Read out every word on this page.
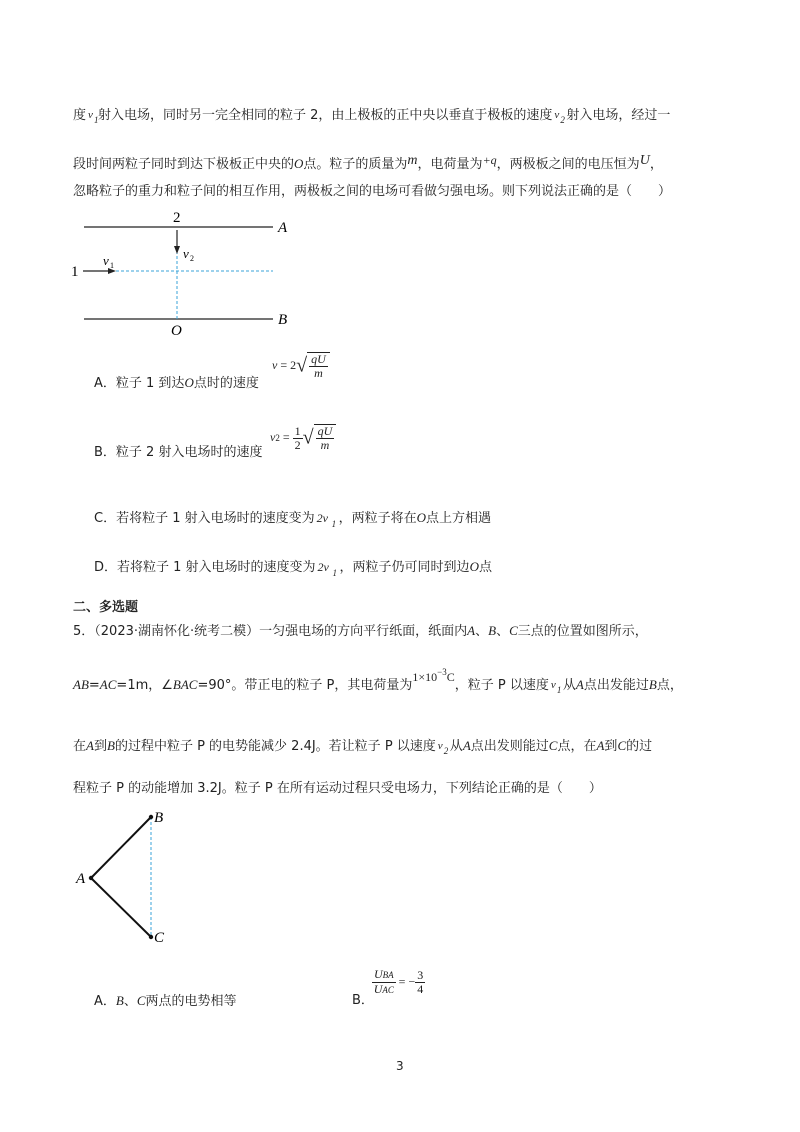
度 v 1 射入电场，同时另一完全相同的粒子 2，由上极板的正中央以垂直于极板的速度 v 2 射入电场，经过一
段时间两粒子同时到达下极板正中央的O点。粒子的质量为m，电荷量为+q，两极板之间的电压恒为U，
忽略粒子的重力和粒子间的相互作用，两极板之间的电场可看做匀强电场。则下列说法正确的是（　　）
2
A
B
O
1
v 1
v 2
A．粒子 1 到达O点时的速度
$v = 2√ \frac{qU}{m}$
B．粒子 2 射入电场时的速度
$v2 = \frac{1}{2}$ √ $\frac{qU}{m}$
C．若将粒子 1 射入电场时的速度变为 2v 1 ，两粒子将在O点上方相遇
D．若将粒子 1 射入电场时的速度变为 2v 1 ，两粒子仍可同时到边O点
二、多选题
5．（2023·湖南怀化·统考二模）一匀强电场的方向平行纸面，纸面内A、B、C三点的位置如图所示，
AB=AC=1m，∠BAC=90°。带正电的粒子 P，其电荷量为$1\times 10^{-3}C$，粒子 P 以速度 v 1 从A点出发能过B点，
在A到B的过程中粒子 P 的电势能减少 2.4J。若让粒子 P 以速度 v 2 从A点出发则能过C点，在A到C的过
程粒子 P 的动能增加 3.2J。粒子 P 在所有运动过程只受电场力，下列结论正确的是（　　）
A
B
C
A．B、C两点的电势相等	B．
$\frac{\text{UBA}}{\text{UAC}}$ = − $\frac{3}{4}$
3
